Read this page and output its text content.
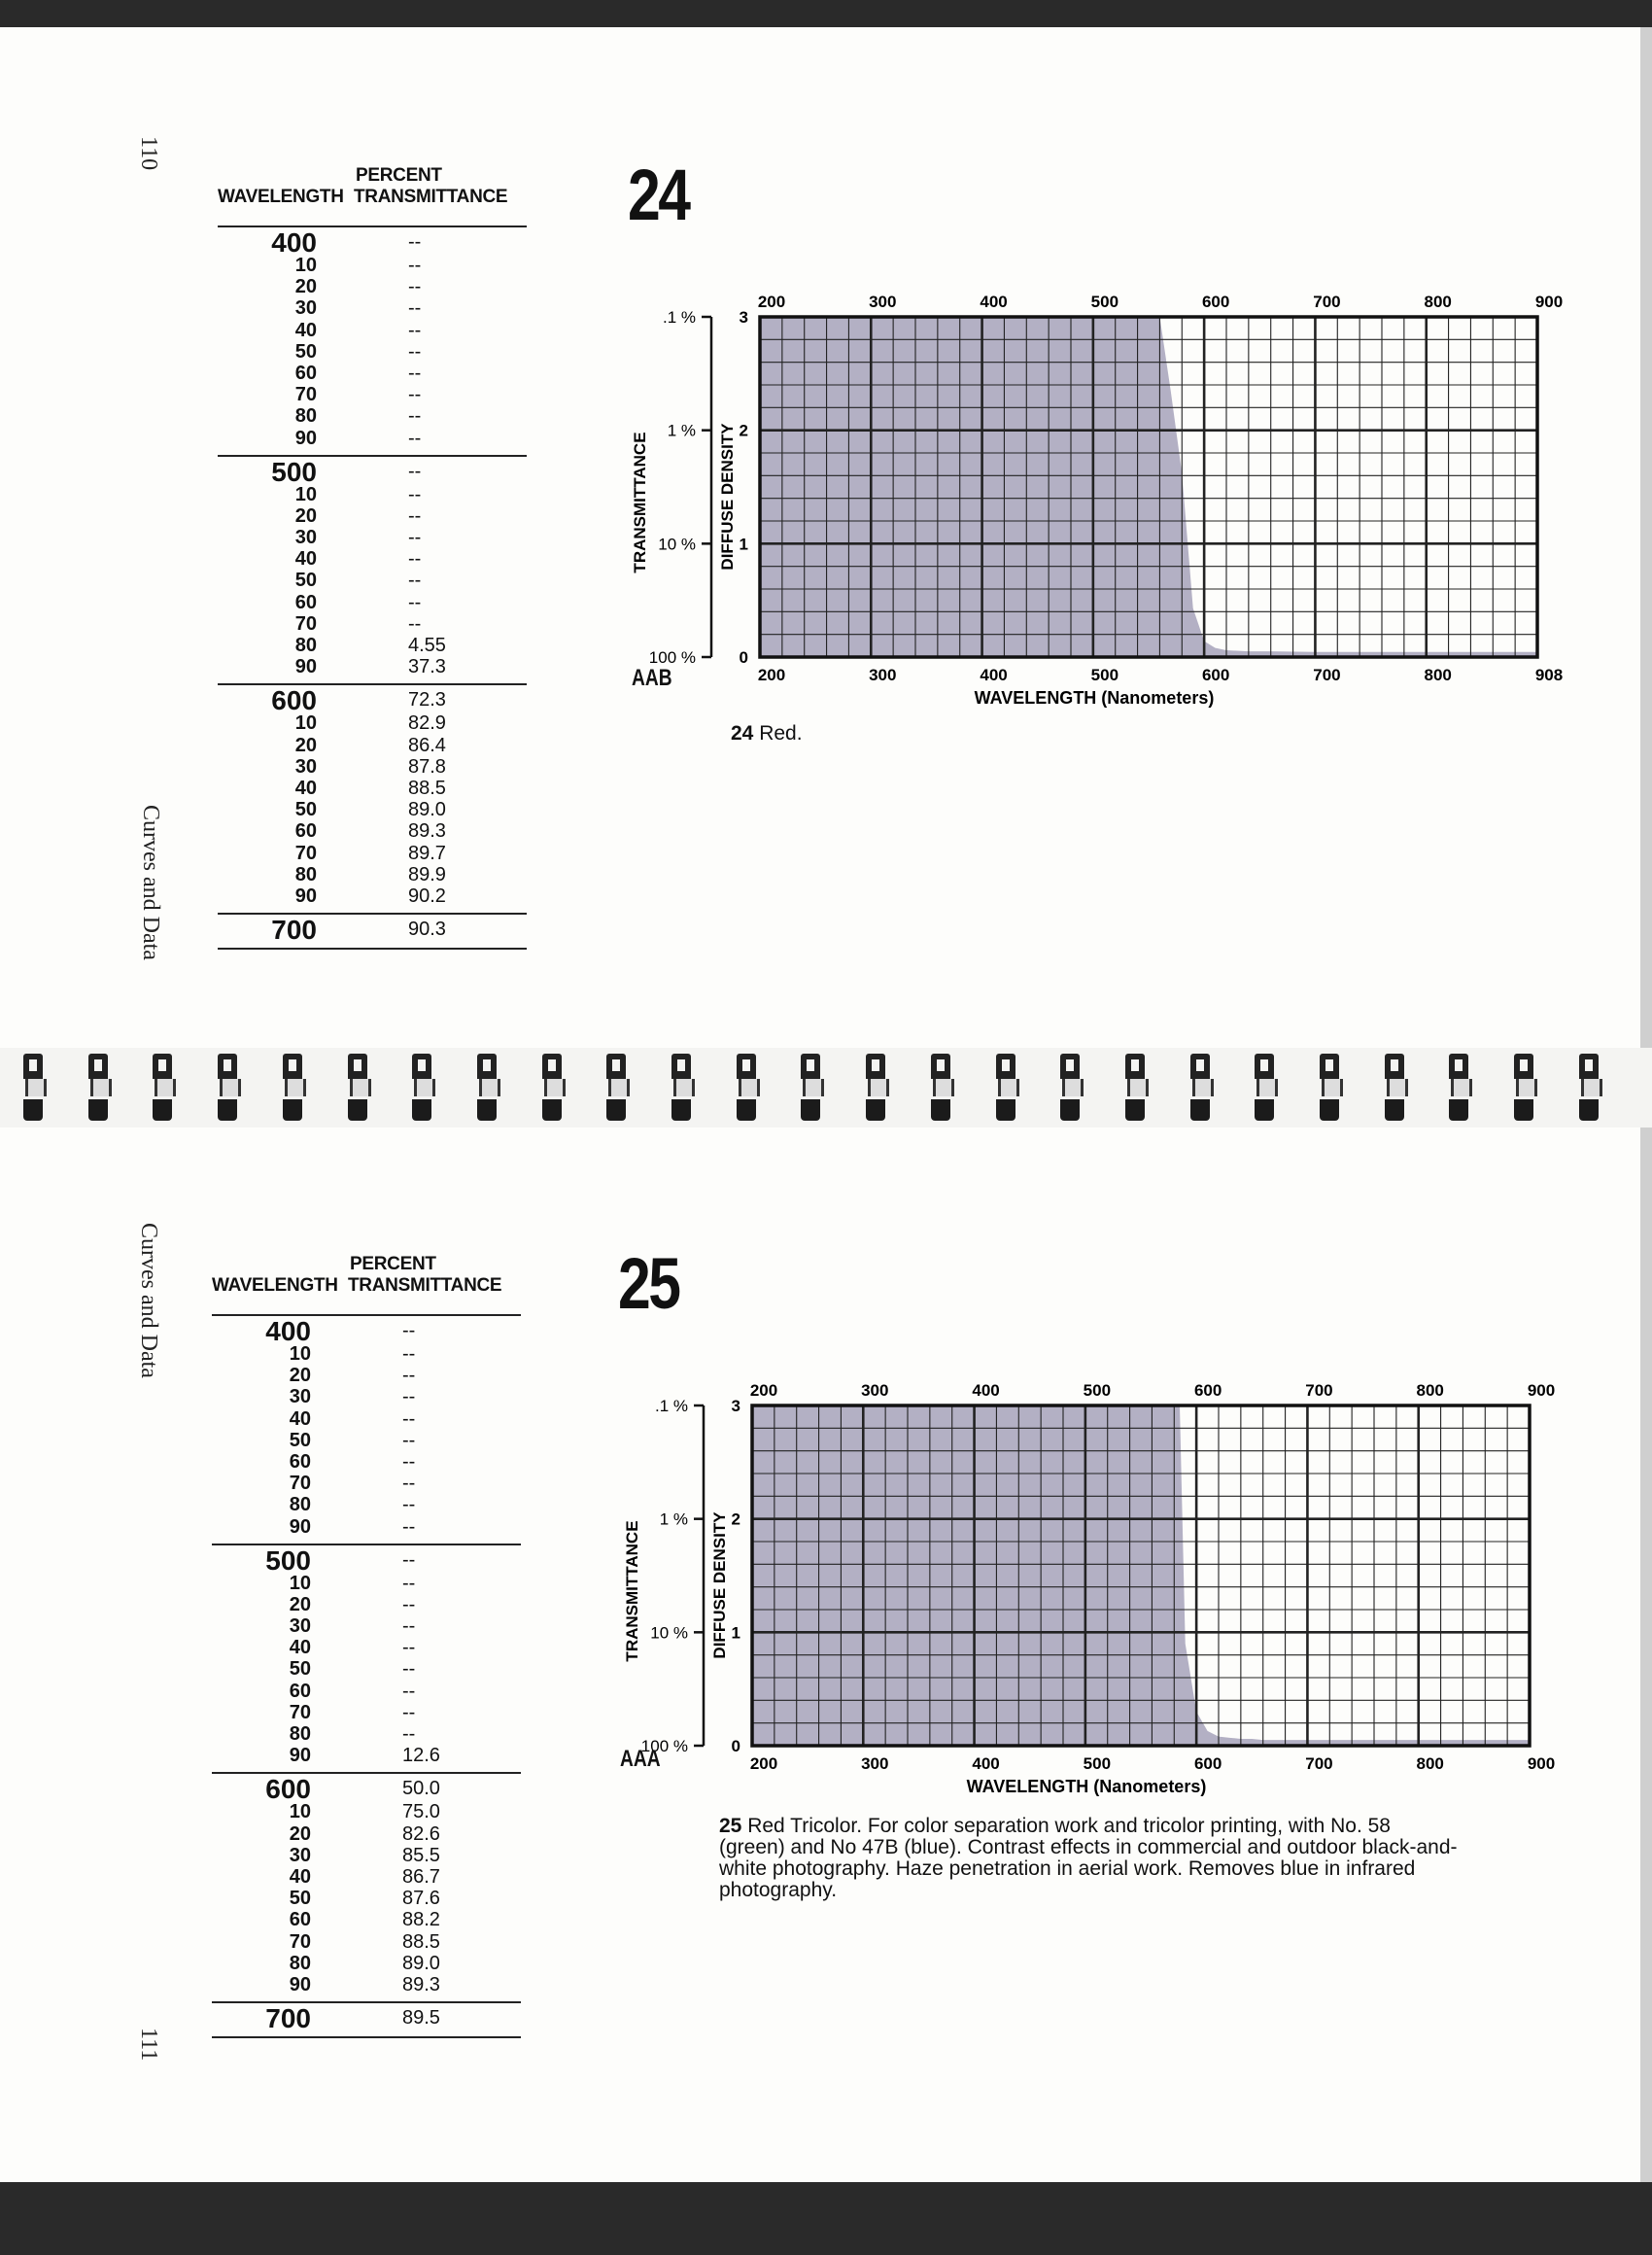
110
Curves and Data
PERCENT
WAVELENGTH TRANSMITTANCE
400	--
10	--
20	--
30	--
40	--
50	--
60	--
70	--
80	--
90	--
500	--
10	--
20	--
30	--
40	--
50	--
60	--
70	--
80	4.55
90	37.3
600	72.3
10	82.9
20	86.4
30	87.8
40	88.5
50	89.0
60	89.3
70	89.7
80	89.9
90	90.2
700	90.3
24
200	300	400	500	600	700	800	900
200	300	400	500	600	700	800	908
WAVELENGTH (Nanometers)
0
1
2
3
100 %
10 %
1 %
.1 %
TRANSMITTANCE	DIFFUSE DENSITY
AAB
24 Red.
Curves and Data
111
PERCENT
WAVELENGTH TRANSMITTANCE
400	--
10	--
20	--
30	--
40	--
50	--
60	--
70	--
80	--
90	--
500	--
10	--
20	--
30	--
40	--
50	--
60	--
70	--
80	--
90	12.6
600	50.0
10	75.0
20	82.6
30	85.5
40	86.7
50	87.6
60	88.2
70	88.5
80	89.0
90	89.3
700	89.5
25
200	300	400	500	600	700	800	900
200	300	400	500	600	700	800	900
WAVELENGTH (Nanometers)
0
1
2
3
100 %
10 %
1 %
.1 %
TRANSMITTANCE	DIFFUSE DENSITY
AAA
25 Red Tricolor. For color separation work and tricolor printing, with No. 58 (green) and No 47B (blue). Contrast effects in commercial and outdoor black-and-white photography. Haze penetration in aerial work. Removes blue in infrared photography.
